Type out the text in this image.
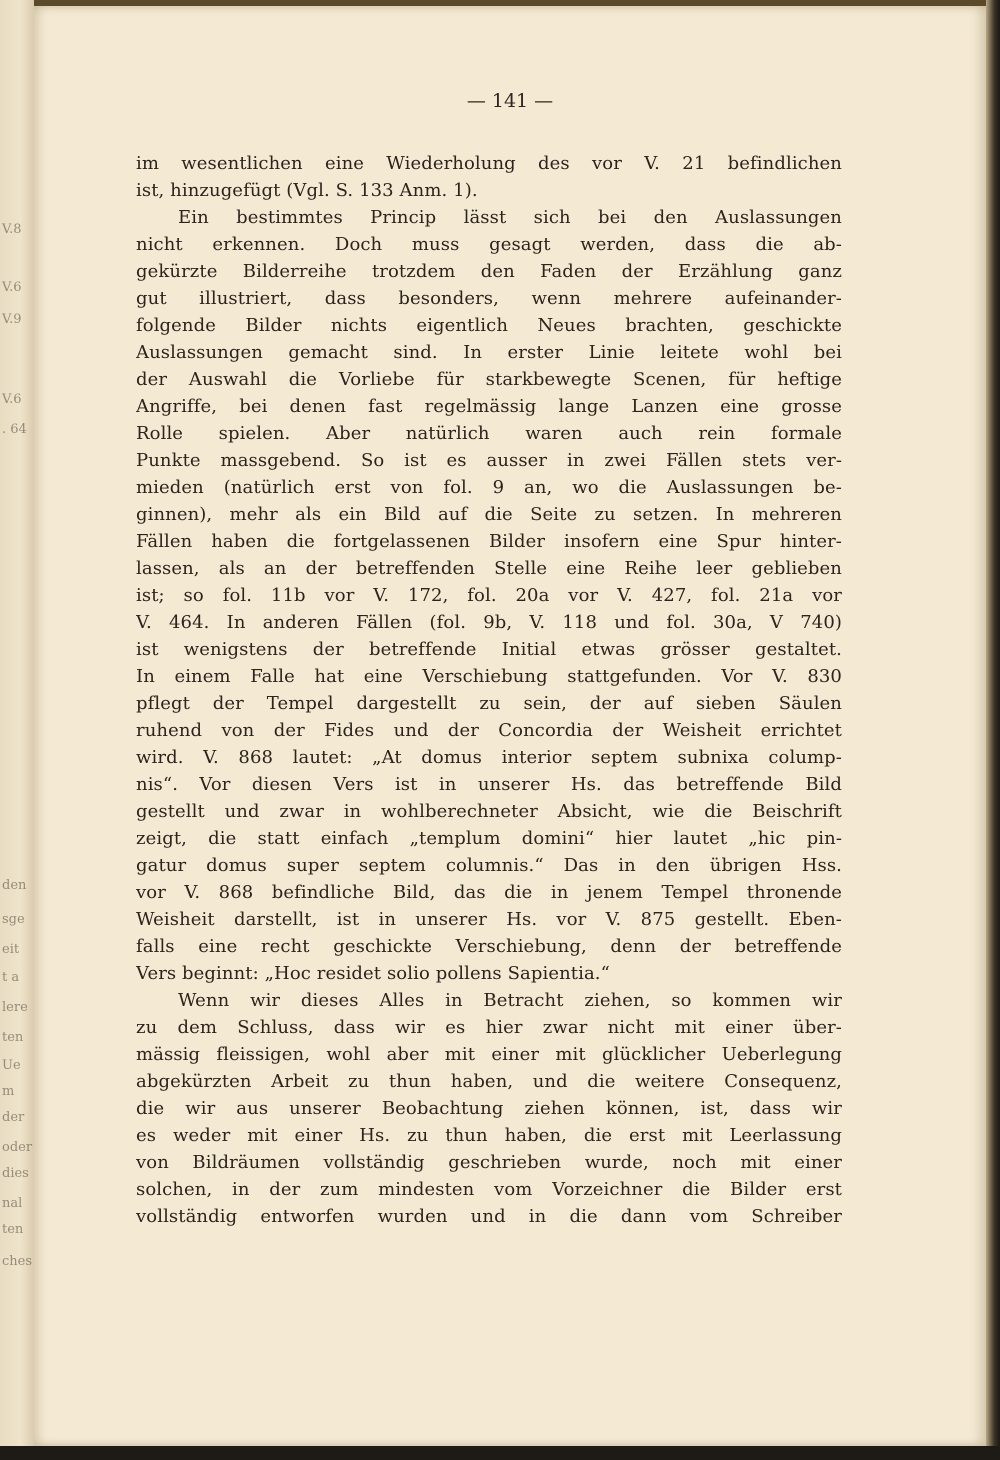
V.8
V.6
V.9
V.6
. 64
den
sge
eit
t a
lere
ten
Ue
m
der
oder
dies
nal
ten
ches
— 141 —
im wesentlichen eine Wiederholung des vor V. 21 befindlichen
ist, hinzugefügt (Vgl. S. 133 Anm. 1).
Ein bestimmtes Princip lässt sich bei den Auslassungen
nicht erkennen. Doch muss gesagt werden, dass die ab-
gekürzte Bilderreihe trotzdem den Faden der Erzählung ganz
gut illustriert, dass besonders, wenn mehrere aufeinander-
folgende Bilder nichts eigentlich Neues brachten, geschickte
Auslassungen gemacht sind. In erster Linie leitete wohl bei
der Auswahl die Vorliebe für starkbewegte Scenen, für heftige
Angriffe, bei denen fast regelmässig lange Lanzen eine grosse
Rolle spielen. Aber natürlich waren auch rein formale
Punkte massgebend. So ist es ausser in zwei Fällen stets ver-
mieden (natürlich erst von fol. 9 an, wo die Auslassungen be-
ginnen), mehr als ein Bild auf die Seite zu setzen. In mehreren
Fällen haben die fortgelassenen Bilder insofern eine Spur hinter-
lassen, als an der betreffenden Stelle eine Reihe leer geblieben
ist; so fol. 11b vor V. 172, fol. 20a vor V. 427, fol. 21a vor
V. 464. In anderen Fällen (fol. 9b, V. 118 und fol. 30a, V 740)
ist wenigstens der betreffende Initial etwas grösser gestaltet.
In einem Falle hat eine Verschiebung stattgefunden. Vor V. 830
pflegt der Tempel dargestellt zu sein, der auf sieben Säulen
ruhend von der Fides und der Concordia der Weisheit errichtet
wird. V. 868 lautet: „At domus interior septem subnixa colump-
nis“. Vor diesen Vers ist in unserer Hs. das betreffende Bild
gestellt und zwar in wohlberechneter Absicht, wie die Beischrift
zeigt, die statt einfach „templum domini“ hier lautet „hic pin-
gatur domus super septem columnis.“ Das in den übrigen Hss.
vor V. 868 befindliche Bild, das die in jenem Tempel thronende
Weisheit darstellt, ist in unserer Hs. vor V. 875 gestellt. Eben-
falls eine recht geschickte Verschiebung, denn der betreffende
Vers beginnt: „Hoc residet solio pollens Sapientia.“
Wenn wir dieses Alles in Betracht ziehen, so kommen wir
zu dem Schluss, dass wir es hier zwar nicht mit einer über-
mässig fleissigen, wohl aber mit einer mit glücklicher Ueberlegung
abgekürzten Arbeit zu thun haben, und die weitere Consequenz,
die wir aus unserer Beobachtung ziehen können, ist, dass wir
es weder mit einer Hs. zu thun haben, die erst mit Leerlassung
von Bildräumen vollständig geschrieben wurde, noch mit einer
solchen, in der zum mindesten vom Vorzeichner die Bilder erst
vollständig entworfen wurden und in die dann vom Schreiber
